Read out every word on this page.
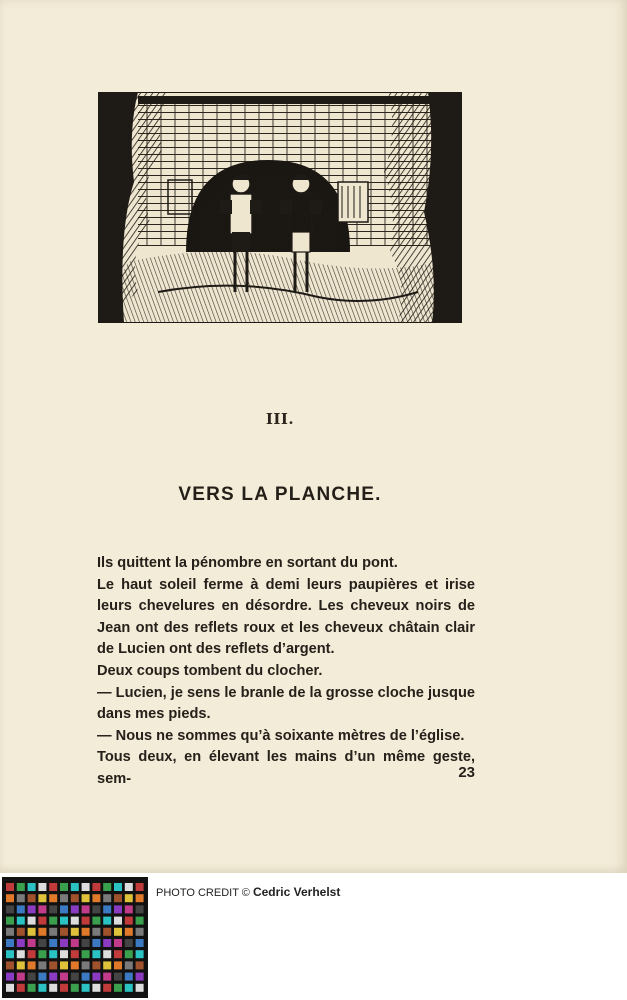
III.
VERS LA PLANCHE.

Ils quittent la pénombre en sortant du pont.

Le haut soleil ferme à demi leurs paupières et irise leurs chevelures en désordre. Les cheveux noirs de Jean ont des reflets roux et les cheveux châtain clair de Lucien ont des reflets d’argent.

Deux coups tombent du clocher.

— Lucien, je sens le branle de la grosse cloche jusque dans mes pieds.

— Nous ne sommes qu’à soixante mètres de l’église.

Tous deux, en élevant les mains d’un même geste, sem-	23
PHOTO CREDIT © Cedric Verhelst
